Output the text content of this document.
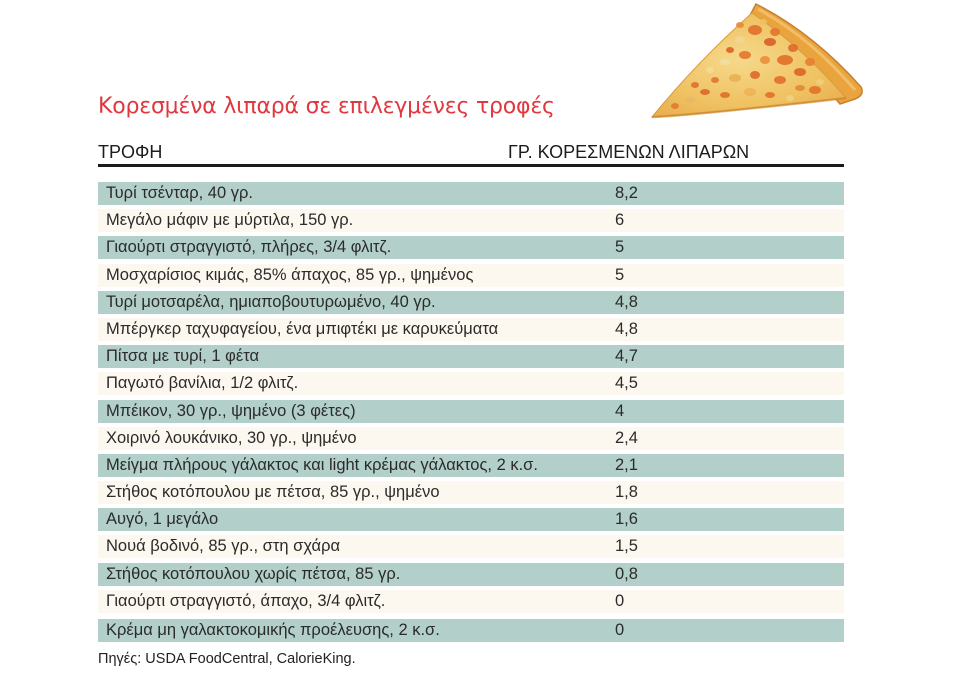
Κορεσμένα λιπαρά σε επιλεγμένες τροφές
ΤΡΟΦΗ	ΓΡ. ΚΟΡΕΣΜΕΝΩΝ ΛΙΠΑΡΩΝ
Τυρί τσένταρ, 40 γρ.	8,2
Μεγάλο μάφιν με μύρτιλα, 150 γρ.	6
Γιαούρτι στραγγιστό, πλήρες, 3/4 φλιτζ.	5
Μοσχαρίσιος κιμάς, 85% άπαχος, 85 γρ., ψημένος	5
Τυρί μοτσαρέλα, ημιαποβουτυρωμένο, 40 γρ.	4,8
Μπέργκερ ταχυφαγείου, ένα μπιφτέκι με καρυκεύματα	4,8
Πίτσα με τυρί, 1 φέτα	4,7
Παγωτό βανίλια, 1/2 φλιτζ.	4,5
Μπέικον, 30 γρ., ψημένο (3 φέτες)	4
Χοιρινό λουκάνικο, 30 γρ., ψημένο	2,4
Μείγμα πλήρους γάλακτος και light κρέμας γάλακτος, 2 κ.σ.	2,1
Στήθος κοτόπουλου με πέτσα, 85 γρ., ψημένο	1,8
Αυγό, 1 μεγάλο	1,6
Νουά βοδινό, 85 γρ., στη σχάρα	1,5
Στήθος κοτόπουλου χωρίς πέτσα, 85 γρ.	0,8
Γιαούρτι στραγγιστό, άπαχο, 3/4 φλιτζ.	0
Κρέμα μη γαλακτοκομικής προέλευσης, 2 κ.σ.	0
Πηγές: USDA FoodCentral, CalorieKing.
